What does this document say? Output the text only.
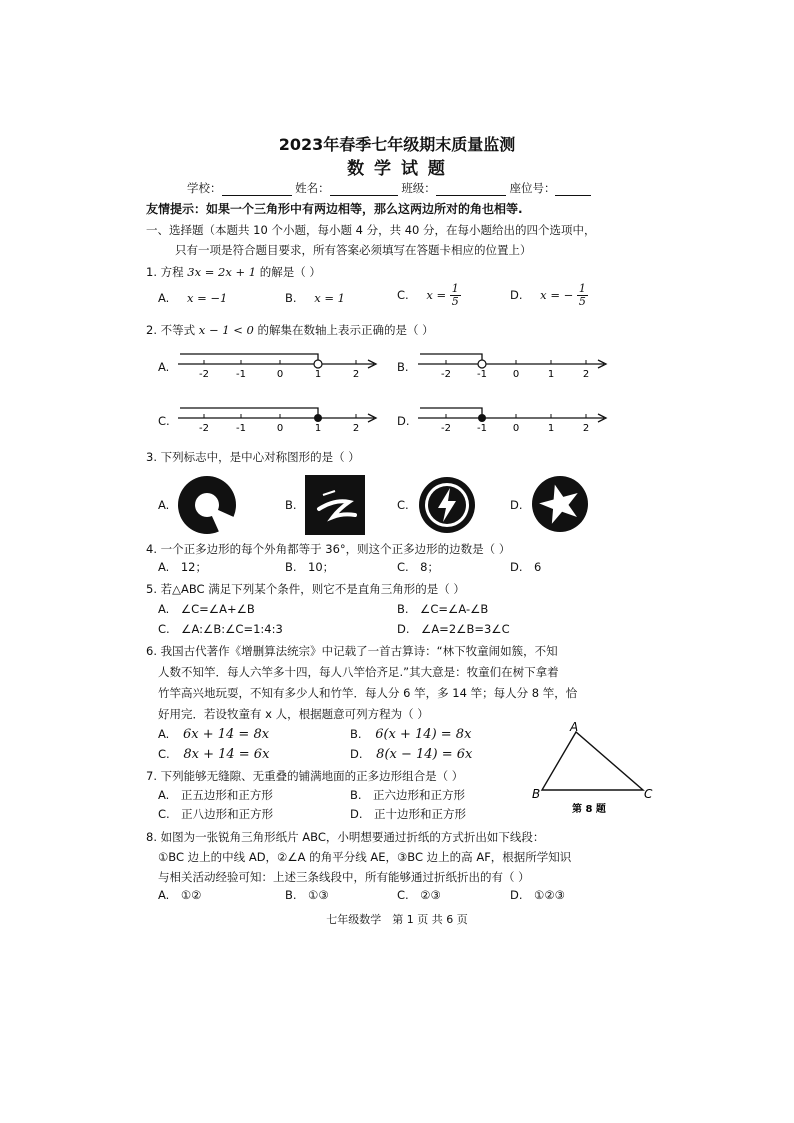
2023年春季七年级期末质量监测
数 学 试 题
学校：	姓名：	班级：	座位号：
友情提示：如果一个三角形中有两边相等，那么这两边所对的角也相等.
一、选择题（本题共 10 个小题，每小题 4 分，共 40 分，在每小题给出的四个选项中，
只有一项是符合题目要求，所有答案必须填写在答题卡相应的位置上）
1. 方程 3x = 2x + 1 的解是（ ）
A. x = −1	B. x = 1	C. $x = \frac{1}{5}$	D. x = − $\frac{1}{5}$
2. 不等式 x − 1 < 0 的解集在数轴上表示正确的是（ ）
A.
-2	-1	0	1	2
B.
-2	-1	0	1	2
C.
-2	-1	0	1	2
D.
-2	-1	0	1	2
3. 下列标志中，是中心对称图形的是（ ）
A.	B.	C.	D.
4. 一个正多边形的每个外角都等于 36°，则这个正多边形的边数是（ ）
A.　12；	B.　10；	C.　8；	D.　6
5. 若△ABC 满足下列某个条件，则它不是直角三角形的是（ ）
A.　∠C=∠A+∠B	B.　∠C=∠A-∠B
C.　∠A:∠B:∠C=1:4:3	D.　∠A=2∠B=3∠C
6. 我国古代著作《增删算法统宗》中记载了一首古算诗：“林下牧童闹如簇，不知
人数不知竿．每人六竿多十四，每人八竿恰齐足.”其大意是：牧童们在树下拿着
竹竿高兴地玩耍，不知有多少人和竹竿．每人分 6 竿，多 14 竿；每人分 8 竿，恰
好用完．若设牧童有 x 人，根据题意可列方程为（ ）
A. 6x + 14 = 8x	B. 6(x + 14) = 8x
C. 8x + 14 = 6x	D. 8(x − 14) = 6x
A
B	C
第 8 题
7. 下列能够无缝隙、无重叠的铺满地面的正多边形组合是（ ）
A.　正五边形和正方形	B.　正六边形和正方形
C.　正八边形和正方形	D.　正十边形和正方形
8. 如图为一张锐角三角形纸片 ABC，小明想要通过折纸的方式折出如下线段：
①BC 边上的中线 AD，②∠A 的角平分线 AE，③BC 边上的高 AF，根据所学知识
与相关活动经验可知：上述三条线段中，所有能够通过折纸折出的有（ ）
A.　①②	B.　①③	C.　②③	D.　①②③
七年级数学　第 1 页 共 6 页
